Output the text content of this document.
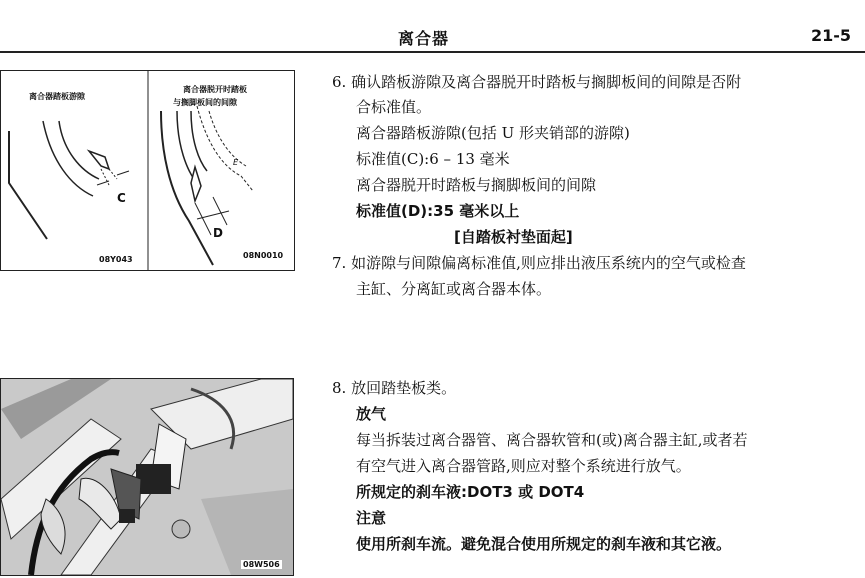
离合器	21-5
离合器踏板游隙
离合器脱开时踏板
与搁脚板间的间隙
C
D
E
08Y043	08N0010
08W506
6. 确认踏板游隙及离合器脱开时踏板与搁脚板间的间隙是否附
合标准值。
离合器踏板游隙(包括 U 形夹销部的游隙)
标准值(C):6 – 13 毫米
离合器脱开时踏板与搁脚板间的间隙
标准值(D):35 毫米以上
[自踏板衬垫面起]
7. 如游隙与间隙偏离标准值,则应排出液压系统内的空气或检查
主缸、分离缸或离合器本体。
8. 放回踏垫板类。
放气
每当拆装过离合器管、离合器软管和(或)离合器主缸,或者若
有空气进入离合器管路,则应对整个系统进行放气。
所规定的刹车液:DOT3 或 DOT4
注意
使用所刹车流。避免混合使用所规定的刹车液和其它液。
